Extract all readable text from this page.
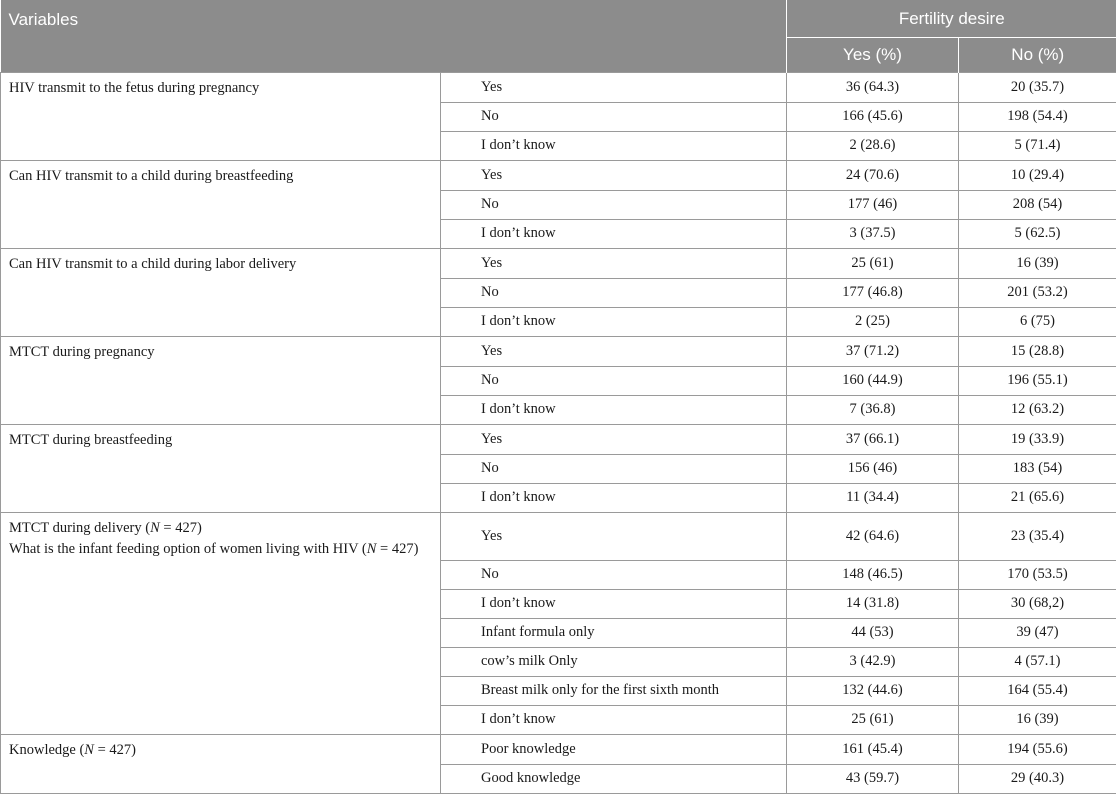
Variables		Fertility desire	
		Yes (%)	No (%)

HIV transmit to the fetus during pregnancy	Yes	36 (64.3)	20 (35.7)
	No	166 (45.6)	198 (54.4)
	I don’t know	2 (28.6)	5 (71.4)

Can HIV transmit to a child during breastfeeding	Yes	24 (70.6)	10 (29.4)
	No	177 (46)	208 (54)
	I don’t know	3 (37.5)	5 (62.5)

Can HIV transmit to a child during labor delivery	Yes	25 (61)	16 (39)
	No	177 (46.8)	201 (53.2)
	I don’t know	2 (25)	6 (75)

MTCT during pregnancy	Yes	37 (71.2)	15 (28.8)
	No	160 (44.9)	196 (55.1)
	I don’t know	7 (36.8)	12 (63.2)

MTCT during breastfeeding	Yes	37 (66.1)	19 (33.9)
	No	156 (46)	183 (54)
	I don’t know	11 (34.4)	21 (65.6)

MTCT during delivery (N = 427)
What is the infant feeding option of women living with HIV (N = 427)	Yes	42 (64.6)	23 (35.4)
	No	148 (46.5)	170 (53.5)
	I don’t know	14 (31.8)	30 (68,2)
	Infant formula only	44 (53)	39 (47)
	cow’s milk Only	3 (42.9)	4 (57.1)
	Breast milk only for the first sixth month	132 (44.6)	164 (55.4)
	I don’t know	25 (61)	16 (39)

Knowledge (N = 427)	Poor knowledge	161 (45.4)	194 (55.6)
	Good knowledge	43 (59.7)	29 (40.3)
